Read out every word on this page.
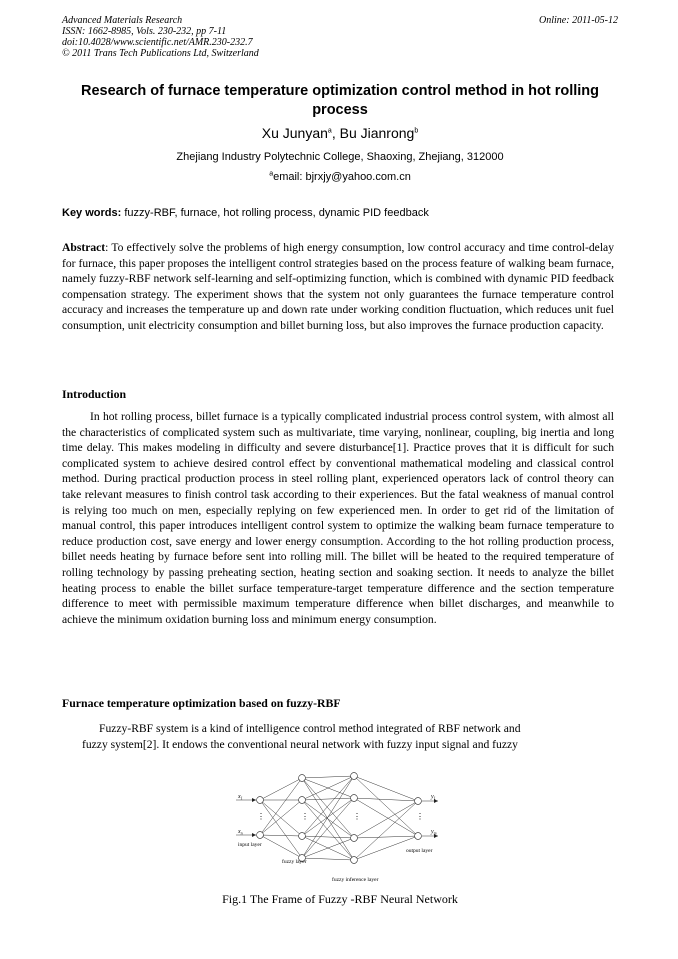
Advanced Materials Research
ISSN: 1662-8985, Vols. 230-232, pp 7-11
doi:10.4028/www.scientific.net/AMR.230-232.7
© 2011 Trans Tech Publications Ltd, Switzerland
Online: 2011-05-12
Research of furnace temperature optimization control method in hot rolling process
Xu Junyan$^a$, Bu Jianrong$^b$
Zhejiang Industry Polytechnic College, Shaoxing, Zhejiang, 312000
$^a$email: bjrxjy@yahoo.com.cn
Key words: fuzzy-RBF, furnace, hot rolling process, dynamic PID feedback
Abstract: To effectively solve the problems of high energy consumption, low control accuracy and time control-delay for furnace, this paper proposes the intelligent control strategies based on the process feature of walking beam furnace, namely fuzzy-RBF network self-learning and self-optimizing function, which is combined with dynamic PID feedback compensation strategy. The experiment shows that the system not only guarantees the furnace temperature control accuracy and increases the temperature up and down rate under working condition fluctuation, which reduces unit fuel consumption, unit electricity consumption and billet burning loss, but also improves the furnace production capacity.
Introduction
In hot rolling process, billet furnace is a typically complicated industrial process control system, with almost all the characteristics of complicated system such as multivariate, time varying, nonlinear, coupling, big inertia and long time delay. This makes modeling in difficulty and severe disturbance[1]. Practice proves that it is difficult for such complicated system to achieve desired control effect by conventional mathematical modeling and classical control method. During practical production process in steel rolling plant, experienced operators lack of control theory can take relevant measures to finish control task according to their experiences. But the fatal weakness of manual control is relying too much on men, especially replying on few experienced men. In order to get rid of the limitation of manual control, this paper introduces intelligent control system to optimize the walking beam furnace temperature to reduce production cost, save energy and lower energy consumption. According to the hot rolling production process, billet needs heating by furnace before sent into rolling mill. The billet will be heated to the required temperature of rolling technology by passing preheating section, heating section and soaking section. It needs to analyze the billet heating process to enable the billet surface temperature-target temperature difference and the section temperature difference to meet with permissible maximum temperature difference when billet discharges, and meanwhile to achieve the minimum oxidation burning loss and minimum energy consumption.
Furnace temperature optimization based on fuzzy-RBF
Fuzzy-RBF system is a kind of intelligence control method integrated of RBF network and
fuzzy system[2]. It endows the conventional neural network with fuzzy input signal and fuzzy
$x_1$
$x_n$
$y_1$
$y_m$
input layer
fuzzy layer
fuzzy inference layer
output layer
⋮	⋮	⋮	⋮
Fig.1 The Frame of Fuzzy -RBF Neural Network
